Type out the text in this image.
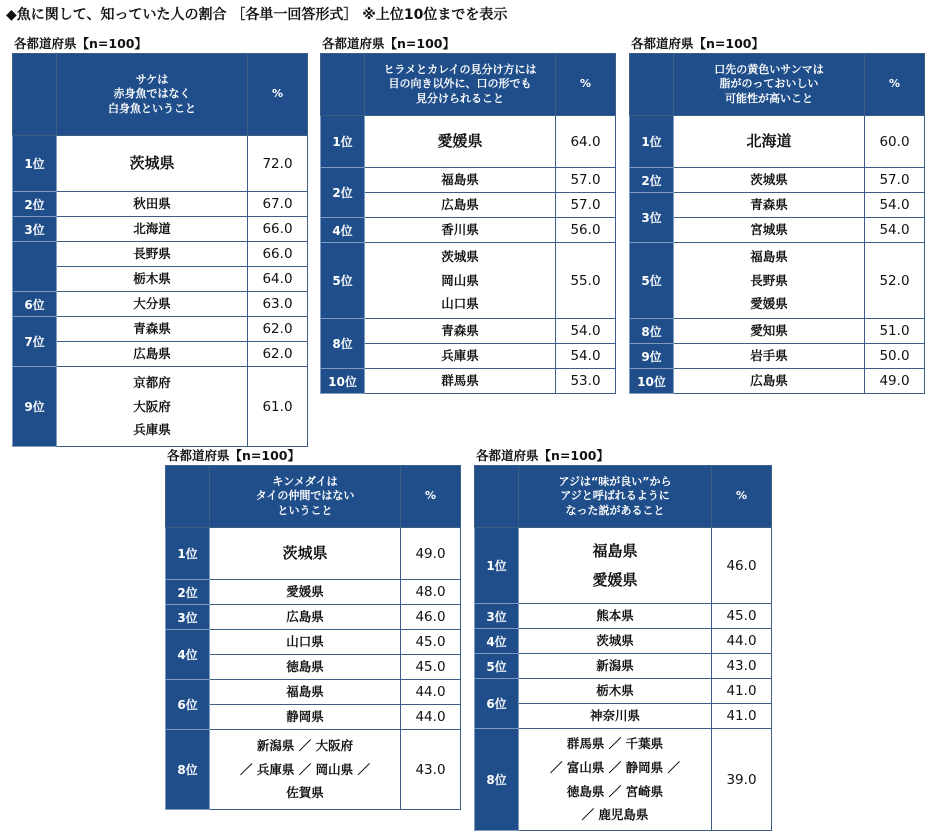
◆魚に関して、知っていた人の割合 ［各単一回答形式］ ※上位10位までを表示
各都道府県【n=100】
	サケは
赤身魚ではなく
白身魚ということ	%
1位	茨城県	72.0
2位	秋田県	67.0
3位	北海道	66.0
	長野県	66.0
	栃木県	64.0
6位	大分県	63.0
7位	青森県	62.0
	広島県	62.0
9位	京都府
大阪府
兵庫県	61.0
各都道府県【n=100】
	ヒラメとカレイの見分け方には
目の向き以外に、口の形でも
見分けられること	%
1位	愛媛県	64.0
2位	福島県	57.0
	広島県	57.0
4位	香川県	56.0
5位	茨城県
岡山県
山口県	55.0
8位	青森県	54.0
	兵庫県	54.0
10位	群馬県	53.0
各都道府県【n=100】
	口先の黄色いサンマは
脂がのっておいしい
可能性が高いこと	%
1位	北海道	60.0
2位	茨城県	57.0
3位	青森県	54.0
	宮城県	54.0
5位	福島県
長野県
愛媛県	52.0
8位	愛知県	51.0
9位	岩手県	50.0
10位	広島県	49.0
各都道府県【n=100】
	キンメダイは
タイの仲間ではない
ということ	%
1位	茨城県	49.0
2位	愛媛県	48.0
3位	広島県	46.0
4位	山口県	45.0
	徳島県	45.0
6位	福島県	44.0
	静岡県	44.0
8位	新潟県 ／ 大阪府
／ 兵庫県 ／ 岡山県 ／
佐賀県	43.0
各都道府県【n=100】
	アジは“味が良い”から
アジと呼ばれるように
なった説があること	%
1位	福島県
愛媛県	46.0
3位	熊本県	45.0
4位	茨城県	44.0
5位	新潟県	43.0
6位	栃木県	41.0
	神奈川県	41.0
8位	群馬県 ／ 千葉県
／ 富山県 ／ 静岡県 ／
徳島県 ／ 宮崎県
／ 鹿児島県	39.0
